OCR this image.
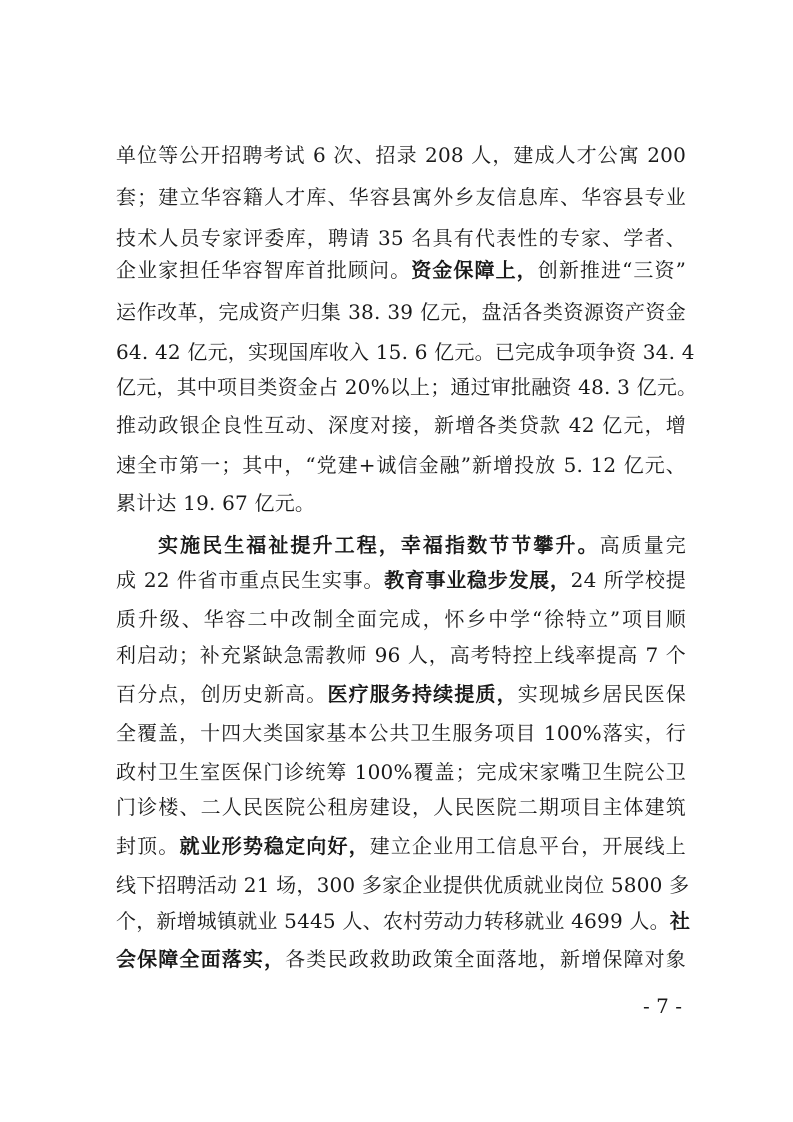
单位等公开招聘考试 6 次、招录 208 人，建成人才公寓 200
套；建立华容籍人才库、华容县寓外乡友信息库、华容县专业
技术人员专家评委库，聘请 35 名具有代表性的专家、学者、
企业家担任华容智库首批顾问。资金保障上，创新推进“三资”
运作改革，完成资产归集 38. 39 亿元，盘活各类资源资产资金
64. 42 亿元，实现国库收入 15. 6 亿元。已完成争项争资 34. 4
亿元，其中项目类资金占 20%以上；通过审批融资 48. 3 亿元。
推动政银企良性互动、深度对接，新增各类贷款 42 亿元，增
速全市第一；其中，“党建+诚信金融”新增投放 5. 12 亿元、
累计达 19. 67 亿元。
实施民生福祉提升工程，幸福指数节节攀升。高质量完
成 22 件省市重点民生实事。教育事业稳步发展，24 所学校提
质升级、华容二中改制全面完成，怀乡中学“徐特立”项目顺
利启动；补充紧缺急需教师 96 人，高考特控上线率提高 7 个
百分点，创历史新高。医疗服务持续提质，实现城乡居民医保
全覆盖，十四大类国家基本公共卫生服务项目 100%落实，行
政村卫生室医保门诊统筹 100%覆盖；完成宋家嘴卫生院公卫
门诊楼、二人民医院公租房建设，人民医院二期项目主体建筑
封顶。就业形势稳定向好，建立企业用工信息平台，开展线上
线下招聘活动 21 场，300 多家企业提供优质就业岗位 5800 多
个，新增城镇就业 5445 人、农村劳动力转移就业 4699 人。社
会保障全面落实，各类民政救助政策全面落地，新增保障对象
- 7 -
